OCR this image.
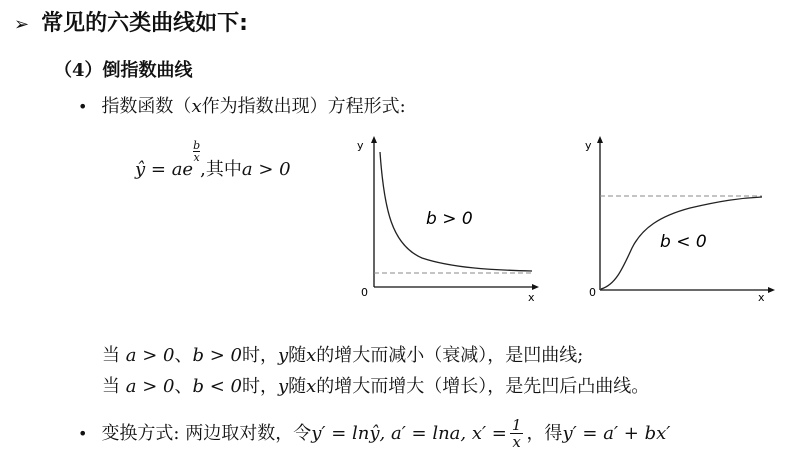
➢ 常见的六类曲线如下:
（4）倒指数曲线
• 指数函数（x作为指数出现）方程形式:
ŷ = ae
$\frac{b}{x}$
,其中a > 0
y
x
0
b > 0
y
x
0
b < 0
当 a > 0、b > 0时，y随x的增大而减小（衰减），是凹曲线;
当 a > 0、b < 0时，y随x的增大而增大（增长），是先凹后凸曲线。
• 变换方式: 两边取对数，令y′ = lnŷ, a′ = lna, $x' = \frac{1}{x}$ ，得y′ = a′ + bx′
